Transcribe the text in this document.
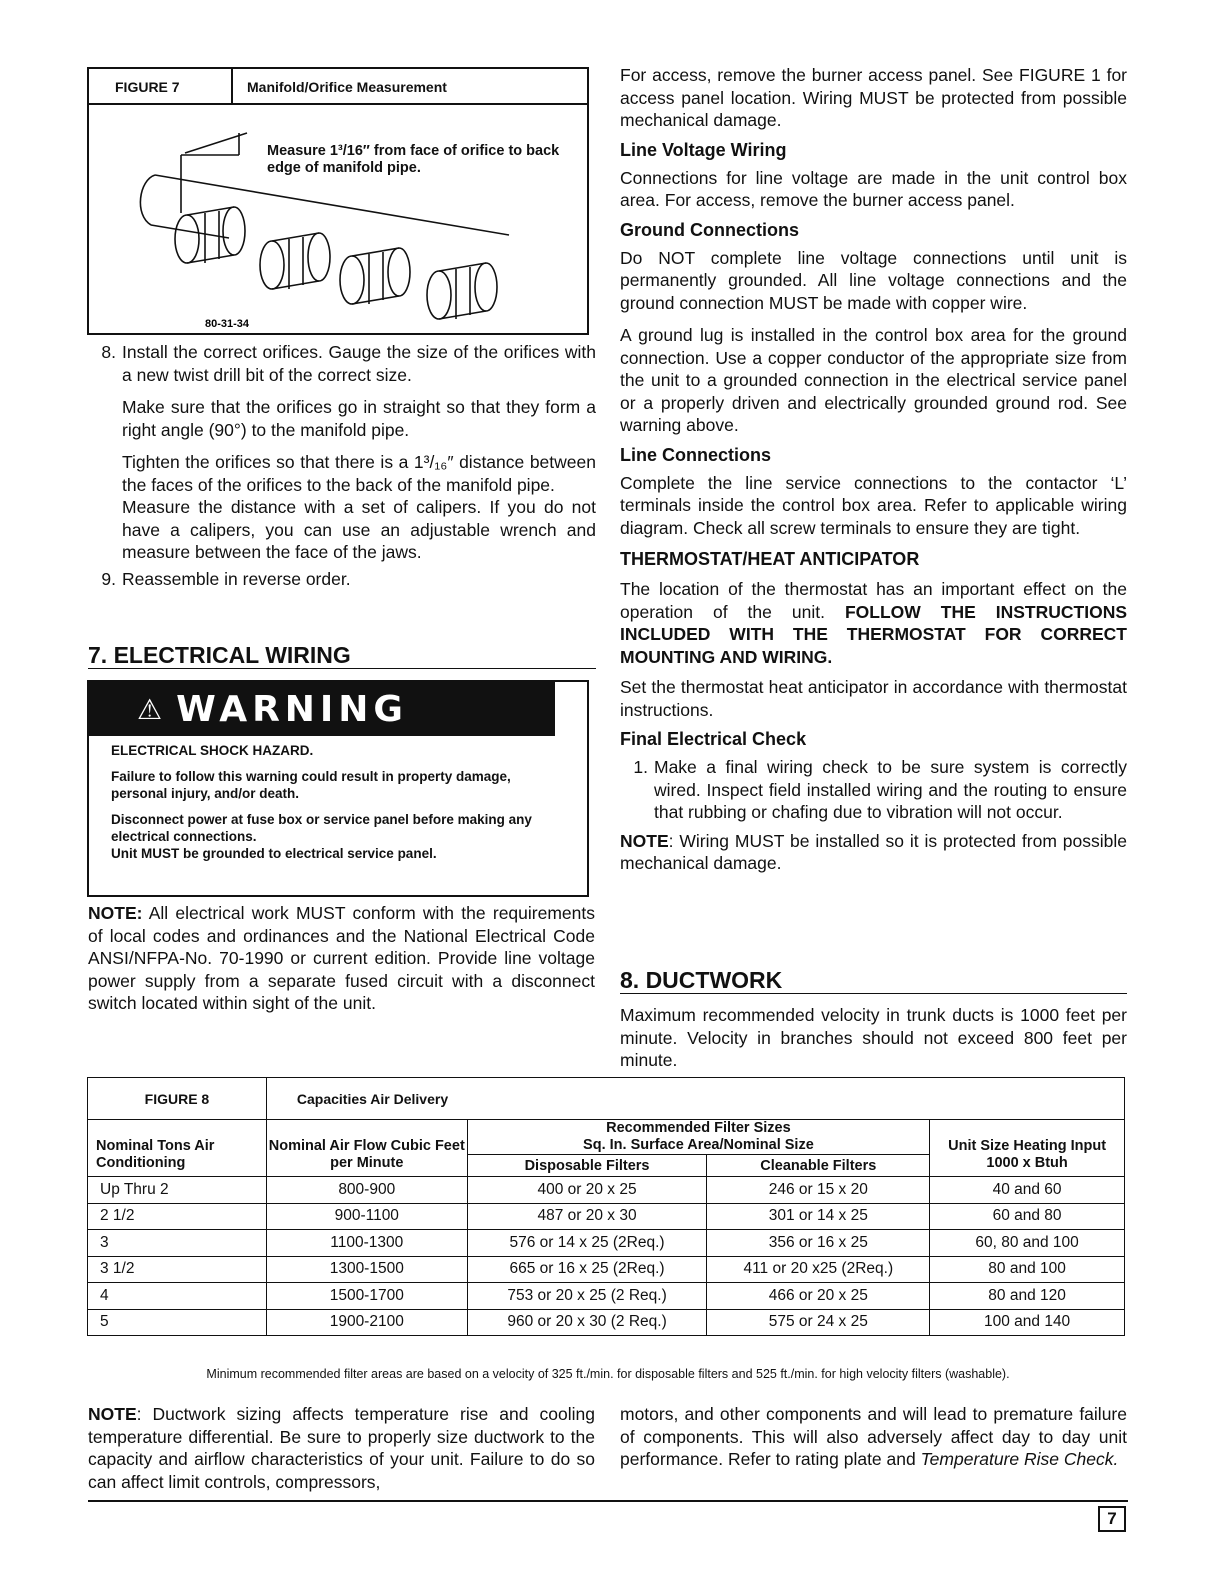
FIGURE 7	Manifold/Orifice Measurement
Measure 1³/16″ from face of orifice to back edge of manifold pipe.
80-31-34
8. Install the correct orifices. Gauge the size of the orifices with a new twist drill bit of the correct size.

Make sure that the orifices go in straight so that they form a right angle (90°) to the manifold pipe.

Tighten the orifices so that there is a 1³/₁₆″ distance between the faces of the orifices to the back of the manifold pipe.

Measure the distance with a set of calipers. If you do not have a calipers, you can use an adjustable wrench and measure between the face of the jaws.

9. Reassemble in reverse order.
7. ELECTRICAL WIRING
⚠ WARNING
ELECTRICAL SHOCK HAZARD.
Failure to follow this warning could result in property damage, personal injury, and/or death.
Disconnect power at fuse box or service panel before making any electrical connections.
Unit MUST be grounded to electrical service panel.

NOTE: All electrical work MUST conform with the requirements of local codes and ordinances and the National Electrical Code ANSI/NFPA-No. 70-1990 or current edition. Provide line voltage power supply from a separate fused circuit with a disconnect switch located within sight of the unit.

For access, remove the burner access panel. See FIGURE 1 for access panel location. Wiring MUST be protected from possible mechanical damage.

Line Voltage Wiring

Connections for line voltage are made in the unit control box area. For access, remove the burner access panel.

Ground Connections

Do NOT complete line voltage connections until unit is permanently grounded. All line voltage connections and the ground connection MUST be made with copper wire.

A ground lug is installed in the control box area for the ground connection. Use a copper conductor of the appropriate size from the unit to a grounded connection in the electrical service panel or a properly driven and electrically grounded ground rod. See warning above.

Line Connections

Complete the line service connections to the contactor ‘L’ terminals inside the control box area. Refer to applicable wiring diagram. Check all screw terminals to ensure they are tight.

THERMOSTAT/HEAT ANTICIPATOR

The location of the thermostat has an important effect on the operation of the unit. FOLLOW THE INSTRUCTIONS INCLUDED WITH THE THERMOSTAT FOR CORRECT MOUNTING AND WIRING.

Set the thermostat heat anticipator in accordance with thermostat instructions.

Final Electrical Check

1. Make a final wiring check to be sure system is correctly wired. Inspect field installed wiring and the routing to ensure that rubbing or chafing due to vibration will not occur.

NOTE: Wiring MUST be installed so it is protected from possible mechanical damage.

8. DUCTWORK

Maximum recommended velocity in trunk ducts is 1000 feet per minute. Velocity in branches should not exceed 800 feet per minute.

FIGURE 8	Capacities Air Delivery			
Nominal Tons Air Conditioning	Nominal Air Flow Cubic Feet per Minute	Recommended Filter Sizes
Sq. In. Surface Area/Nominal Size		Unit Size Heating Input 1000 x Btuh
		Disposable Filters	Cleanable Filters	
Up Thru 2	800-900	400 or 20 x 25	246 or 15 x 20	40 and 60
2 1/2	900-1100	487 or 20 x 30	301 or 14 x 25	60 and 80
3	1100-1300	576 or 14 x 25 (2Req.)	356 or 16 x 25	60, 80 and 100
3 1/2	1300-1500	665 or 16 x 25 (2Req.)	411 or 20 x25 (2Req.)	80 and 100
4	1500-1700	753 or 20 x 25 (2 Req.)	466 or 20 x 25	80 and 120
5	1900-2100	960 or 20 x 30 (2 Req.)	575 or 24 x 25	100 and 140

Minimum recommended filter areas are based on a velocity of 325 ft./min. for disposable filters and 525 ft./min. for high velocity filters (washable).

NOTE: Ductwork sizing affects temperature rise and cooling temperature differential. Be sure to properly size ductwork to the capacity and airflow characteristics of your unit. Failure to do so can affect limit controls, compressors,

motors, and other components and will lead to premature failure of components. This will also adversely affect day to day unit performance. Refer to rating plate and Temperature Rise Check.

7
